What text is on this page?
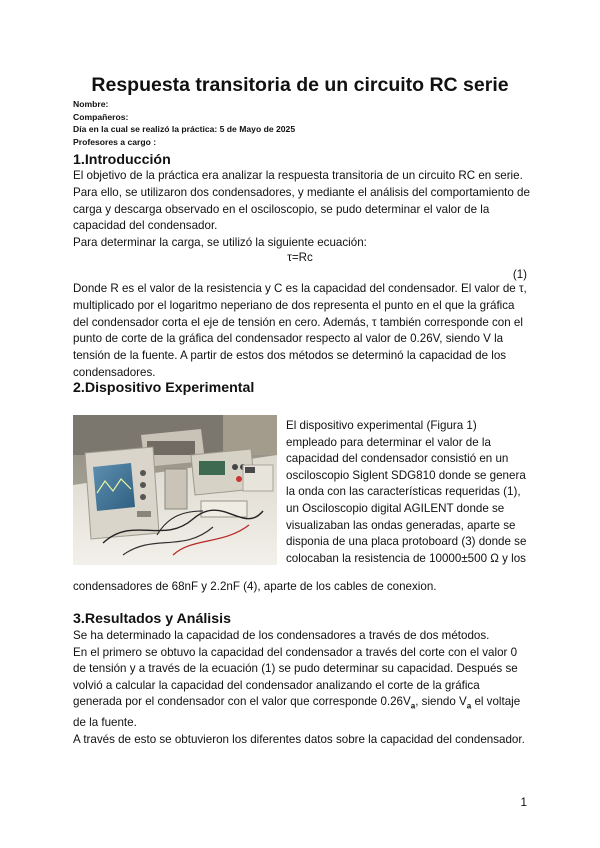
Respuesta transitoria de un circuito RC serie
Nombre:
Compañeros:
Día en la cual se realizó la práctica: 5 de Mayo de 2025
Profesores a cargo :
1.Introducción

El objetivo de la práctica era analizar la respuesta transitoria de un circuito RC en serie. Para ello, se utilizaron dos condensadores, y mediante el análisis del comportamiento de carga y descarga observado en el osciloscopio, se pudo determinar el valor de la capacidad del condensador.

Para determinar la carga, se utilizó la siguiente ecuación:

τ=Rc
(1)

Donde R es el valor de la resistencia y C es la capacidad del condensador. El valor de τ, multiplicado por el logaritmo neperiano de dos representa el punto en el que la gráfica del condensador corta el eje de tensión en cero. Además, τ también corresponde con el punto de corte de la gráfica del condensador respecto al valor de 0.26V, siendo V la tensión de la fuente. A partir de estos dos métodos se determinó la capacidad de los condensadores.

2.Dispositivo Experimental

El dispositivo experimental (Figura 1) empleado para determinar el valor de la capacidad del condensador consistió en un osciloscopio Siglent SDG810 donde se genera la onda con las características requeridas (1), un Osciloscopio digital AGILENT donde se visualizaban las ondas generadas, aparte se disponia de una placa protoboard (3) donde se colocaban la resistencia de 10000±500 Ω y los

condensadores de 68nF y 2.2nF (4), aparte de los cables de conexion.
3.Resultados y Análisis

Se ha determinado la capacidad de los condensadores a través de dos métodos.

En el primero se obtuvo la capacidad del condensador a través del corte con el valor 0 de tensión y a través de la ecuación (1) se pudo determinar su capacidad. Después se volvió a calcular la capacidad del condensador analizando el corte de la gráfica generada por el condensador con el valor que corresponde $0.26V_a$, siendo $V_a$ el voltaje de la fuente.

A través de esto se obtuvieron los diferentes datos sobre la capacidad del condensador.

1
